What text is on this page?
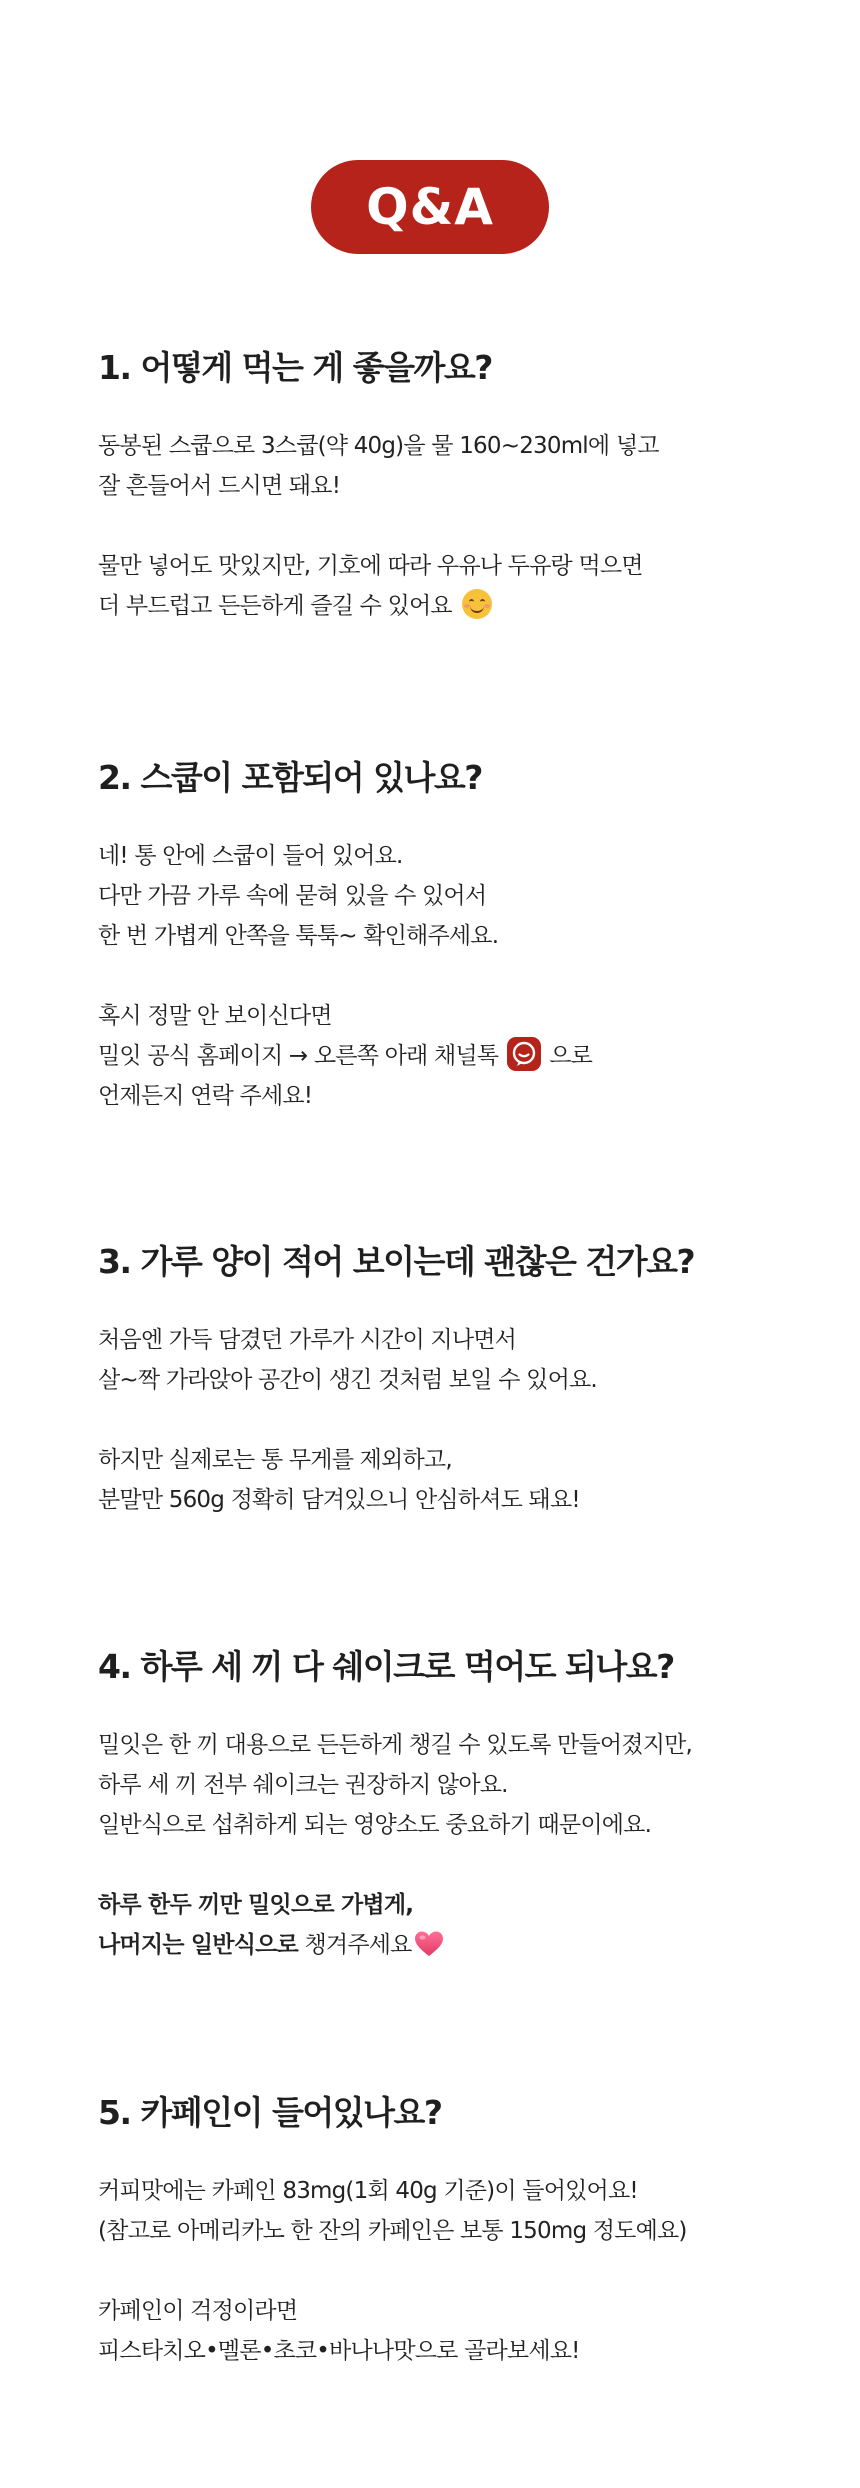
Q&A
1. 어떻게 먹는 게 좋을까요?

동봉된 스쿱으로 3스쿱(약 40g)을 물 160~230ml에 넣고

잘 흔들어서 드시면 돼요!

물만 넣어도 맛있지만, 기호에 따라 우유나 두유랑 먹으면

더 부드럽고 든든하게 즐길 수 있어요

2. 스쿱이 포함되어 있나요?

네! 통 안에 스쿱이 들어 있어요.

다만 가끔 가루 속에 묻혀 있을 수 있어서

한 번 가볍게 안쪽을 툭툭~ 확인해주세요.

혹시 정말 안 보이신다면

밀잇 공식 홈페이지 → 오른쪽 아래 채널톡 으로

언제든지 연락 주세요!

3. 가루 양이 적어 보이는데 괜찮은 건가요?

처음엔 가득 담겼던 가루가 시간이 지나면서

살~짝 가라앉아 공간이 생긴 것처럼 보일 수 있어요.

하지만 실제로는 통 무게를 제외하고,

분말만 560g 정확히 담겨있으니 안심하셔도 돼요!

4. 하루 세 끼 다 쉐이크로 먹어도 되나요?

밀잇은 한 끼 대용으로 든든하게 챙길 수 있도록 만들어졌지만,

하루 세 끼 전부 쉐이크는 권장하지 않아요.

일반식으로 섭취하게 되는 영양소도 중요하기 때문이에요.

하루 한두 끼만 밀잇으로 가볍게,

나머지는 일반식으로 챙겨주세요

5. 카페인이 들어있나요?

커피맛에는 카페인 83mg(1회 40g 기준)이 들어있어요!

(참고로 아메리카노 한 잔의 카페인은 보통 150mg 정도예요)

카페인이 걱정이라면

피스타치오•멜론•초코•바나나맛으로 골라보세요!
